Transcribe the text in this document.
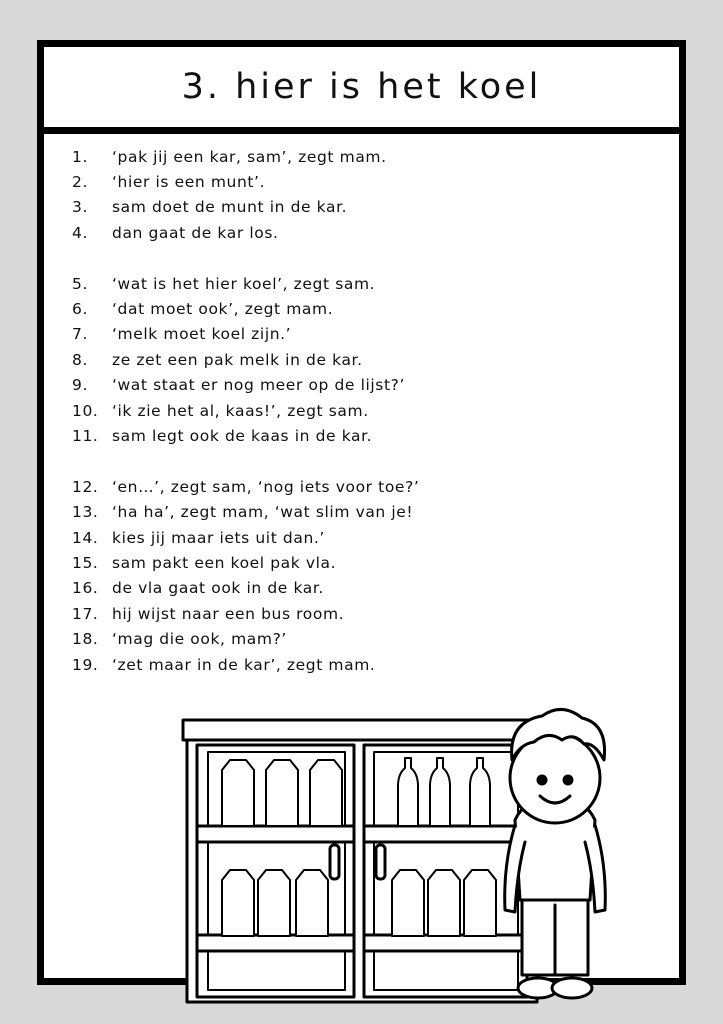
3. hier is het koel
1.	‘pak jij een kar, sam’, zegt mam.
2.	‘hier is een munt’.
3.	sam doet de munt in de kar.
4.	dan gaat de kar los.
5.	‘wat is het hier koel’, zegt sam.
6.	‘dat moet ook’, zegt mam.
7.	‘melk moet koel zijn.’
8.	ze zet een pak melk in de kar.
9.	‘wat staat er nog meer op de lijst?’
10. ‘ik zie het al, kaas!’, zegt sam.
11. sam legt ook de kaas in de kar.
12. ‘en…’, zegt sam, ‘nog iets voor toe?’
13. ‘ha ha’, zegt mam, ‘wat slim van je!
14. kies jij maar iets uit dan.’
15. sam pakt een koel pak vla.
16. de vla gaat ook in de kar.
17. hij wijst naar een bus room.
18. ‘mag die ook, mam?’
19. ‘zet maar in de kar’, zegt mam.
